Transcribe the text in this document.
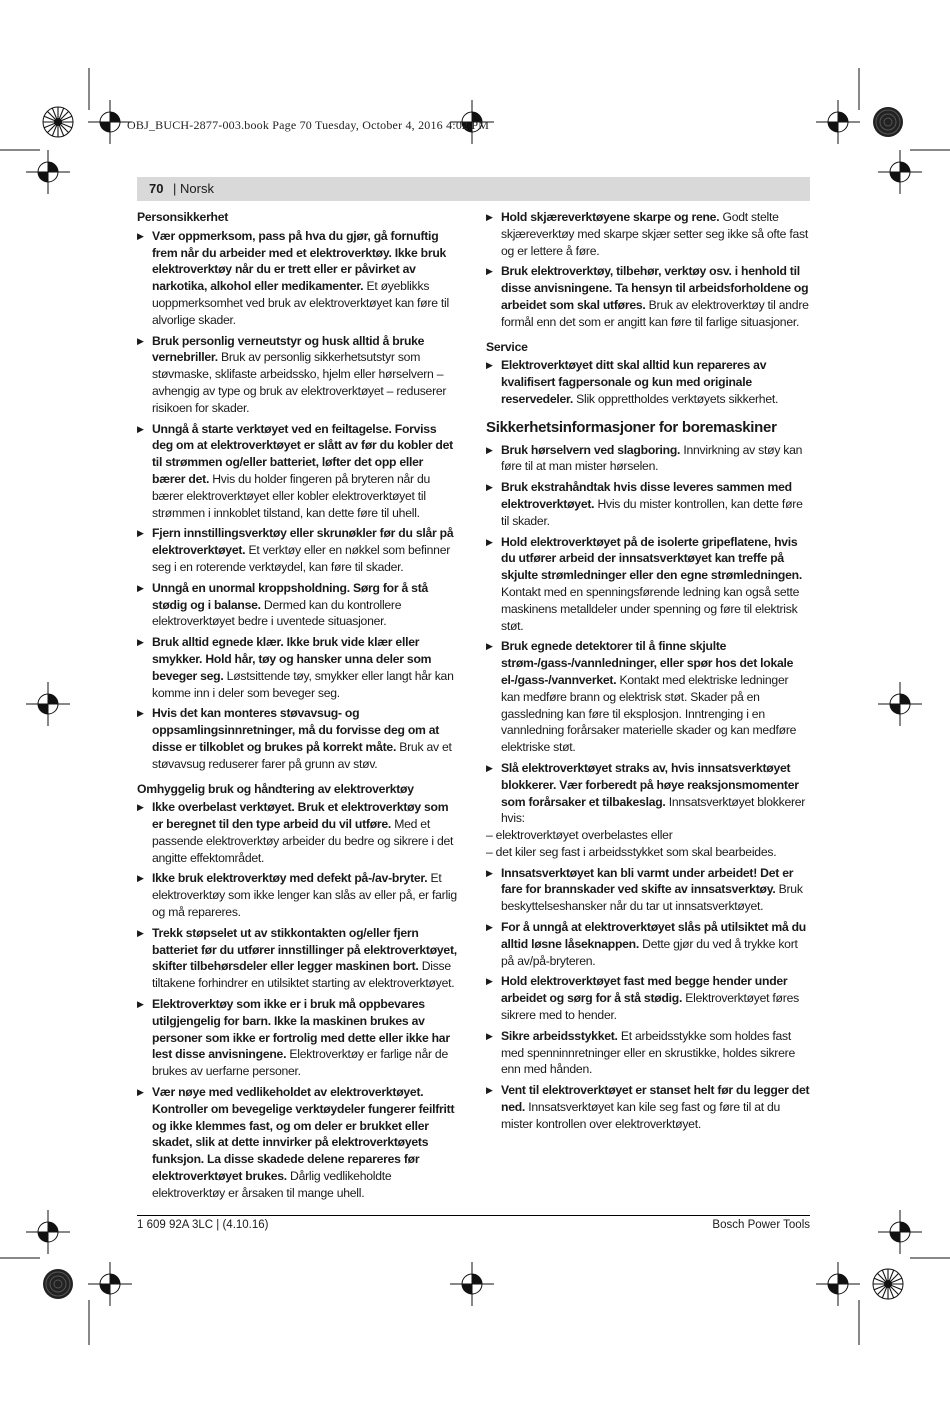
OBJ_BUCH-2877-003.book Page 70 Tuesday, October 4, 2016 4:02 PM
70 | Norsk
Personsikkerhet
▶ Vær oppmerksom, pass på hva du gjør, gå fornuftig frem når du arbeider med et elektroverktøy. Ikke bruk elektroverktøy når du er trett eller er påvirket av narkotika, alkohol eller medikamenter. Et øyeblikks uoppmerksomhet ved bruk av elektroverktøyet kan føre til alvorlige skader.
▶ Bruk personlig verneutstyr og husk alltid å bruke vernebriller. Bruk av personlig sikkerhetsutstyr som støvmaske, sklifaste arbeidssko, hjelm eller hørselvern – avhengig av type og bruk av elektroverktøyet – reduserer risikoen for skader.
▶ Unngå å starte verktøyet ved en feiltagelse. Forviss deg om at elektroverktøyet er slått av før du kobler det til strømmen og/eller batteriet, løfter det opp eller bærer det. Hvis du holder fingeren på bryteren når du bærer elektroverktøyet eller kobler elektroverktøyet til strømmen i innkoblet tilstand, kan dette føre til uhell.
▶ Fjern innstillingsverktøy eller skrunøkler før du slår på elektroverktøyet. Et verktøy eller en nøkkel som befinner seg i en roterende verktøydel, kan føre til skader.
▶ Unngå en unormal kroppsholdning. Sørg for å stå stødig og i balanse. Dermed kan du kontrollere elektroverktøyet bedre i uventede situasjoner.
▶ Bruk alltid egnede klær. Ikke bruk vide klær eller smykker. Hold hår, tøy og hansker unna deler som beveger seg. Løstsittende tøy, smykker eller langt hår kan komme inn i deler som beveger seg.
▶ Hvis det kan monteres støvavsug- og oppsamlingsinnretninger, må du forvisse deg om at disse er tilkoblet og brukes på korrekt måte. Bruk av et støvavsug reduserer farer på grunn av støv.
Omhyggelig bruk og håndtering av elektroverktøy
▶ Ikke overbelast verktøyet. Bruk et elektroverktøy som er beregnet til den type arbeid du vil utføre. Med et passende elektroverktøy arbeider du bedre og sikrere i det angitte effektområdet.
▶ Ikke bruk elektroverktøy med defekt på-/av-bryter. Et elektroverktøy som ikke lenger kan slås av eller på, er farlig og må repareres.
▶ Trekk støpselet ut av stikkontakten og/eller fjern batteriet før du utfører innstillinger på elektroverktøyet, skifter tilbehørsdeler eller legger maskinen bort. Disse tiltakene forhindrer en utilsiktet starting av elektroverktøyet.
▶ Elektroverktøy som ikke er i bruk må oppbevares utilgjengelig for barn. Ikke la maskinen brukes av personer som ikke er fortrolig med dette eller ikke har lest disse anvisningene. Elektroverktøy er farlige når de brukes av uerfarne personer.
▶ Vær nøye med vedlikeholdet av elektroverktøyet. Kontroller om bevegelige verktøydeler fungerer feilfritt og ikke klemmes fast, og om deler er brukket eller skadet, slik at dette innvirker på elektroverktøyets funksjon. La disse skadede delene repareres før elektroverktøyet brukes. Dårlig vedlikeholdte elektroverktøy er årsaken til mange uhell.
▶ Hold skjæreverktøyene skarpe og rene. Godt stelte skjæreverktøy med skarpe skjær setter seg ikke så ofte fast og er lettere å føre.
▶ Bruk elektroverktøy, tilbehør, verktøy osv. i henhold til disse anvisningene. Ta hensyn til arbeidsforholdene og arbeidet som skal utføres. Bruk av elektroverktøy til andre formål enn det som er angitt kan føre til farlige situasjoner.
Service
▶ Elektroverktøyet ditt skal alltid kun repareres av kvalifisert fagpersonale og kun med originale reservedeler. Slik opprettholdes verktøyets sikkerhet.
Sikkerhetsinformasjoner for boremaskiner
▶ Bruk hørselvern ved slagboring. Innvirkning av støy kan føre til at man mister hørselen.
▶ Bruk ekstrahåndtak hvis disse leveres sammen med elektroverktøyet. Hvis du mister kontrollen, kan dette føre til skader.
▶ Hold elektroverktøyet på de isolerte gripeflatene, hvis du utfører arbeid der innsatsverktøyet kan treffe på skjulte strømledninger eller den egne strømledningen. Kontakt med en spenningsførende ledning kan også sette maskinens metalldeler under spenning og føre til elektrisk støt.
▶ Bruk egnede detektorer til å finne skjulte strøm-/gass-/vannledninger, eller spør hos det lokale el-/gass-/vannverket. Kontakt med elektriske ledninger kan medføre brann og elektrisk støt. Skader på en gassledning kan føre til eksplosjon. Inntrenging i en vannledning forårsaker materielle skader og kan medføre elektriske støt.
▶ Slå elektroverktøyet straks av, hvis innsatsverktøyet blokkerer. Vær forberedt på høye reaksjonsmomenter som forårsaker et tilbakeslag. Innsatsverktøyet blokkerer hvis:
– elektroverktøyet overbelastes eller
– det kiler seg fast i arbeidsstykket som skal bearbeides.
▶ Innsatsverktøyet kan bli varmt under arbeidet! Det er fare for brannskader ved skifte av innsatsverktøy. Bruk beskyttelseshansker når du tar ut innsatsverktøyet.
▶ For å unngå at elektroverktøyet slås på utilsiktet må du alltid løsne låseknappen. Dette gjør du ved å trykke kort på av/på-bryteren.
▶ Hold elektroverktøyet fast med begge hender under arbeidet og sørg for å stå stødig. Elektroverktøyet føres sikrere med to hender.
▶ Sikre arbeidsstykket. Et arbeidsstykke som holdes fast med spenninnretninger eller en skrustikke, holdes sikrere enn med hånden.
▶ Vent til elektroverktøyet er stanset helt før du legger det ned. Innsatsverktøyet kan kile seg fast og føre til at du mister kontrollen over elektroverktøyet.
1 609 92A 3LC | (4.10.16)	Bosch Power Tools
